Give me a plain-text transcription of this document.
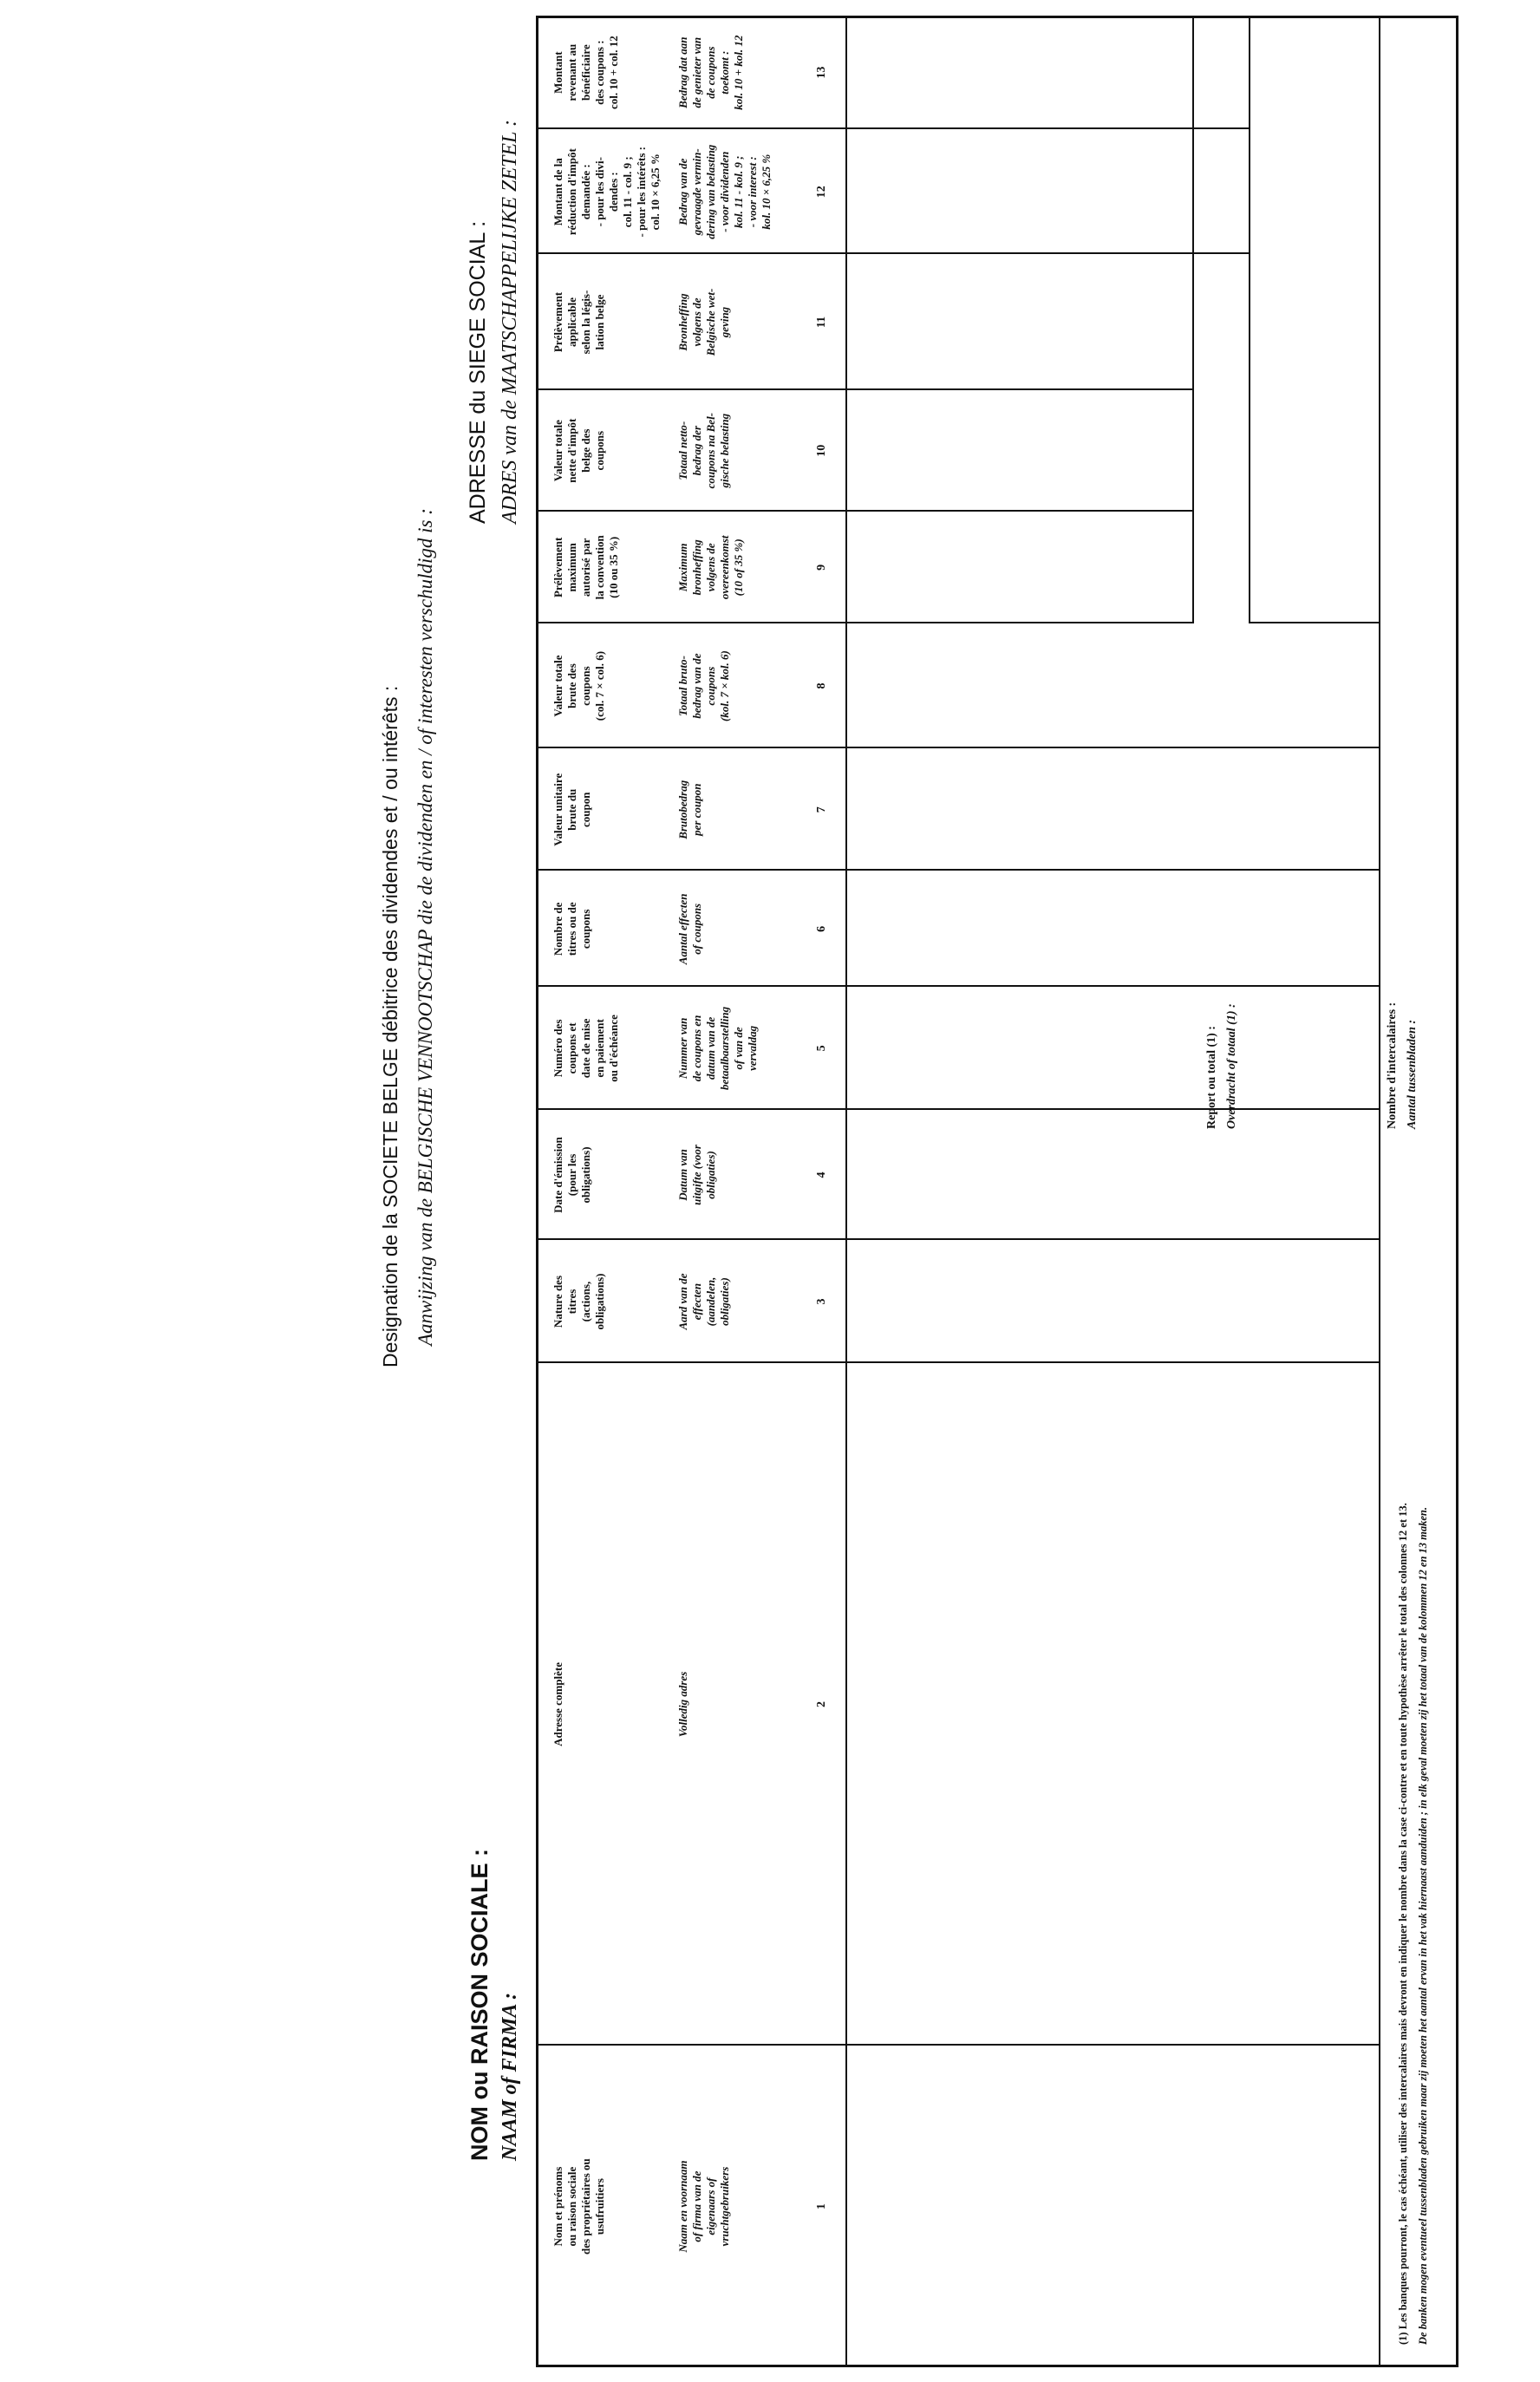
Designation de la SOCIETE BELGE débitrice des dividendes et / ou intérêts : Aanwijzing van de BELGISCHE VENNOOTSCHAP die de dividenden en / of interesten verschuldigd is :
NOM ou RAISON SOCIALE : NAAM of FIRMA :
ADRESSE du SIEGE SOCIAL : ADRES van de MAATSCHAPPELIJKE ZETEL :
Nom et prénoms ou raison sociale des propriétaires ou usufruitiers	Naam en voornaam of firma van de eigenaars of vruchtgebruikers	1
Adresse complète	Volledig adres	2
Nature des titres (actions, obligations)	Aard van de effecten (aandelen, obligaties)	3
Date d'émission (pour les obligations)	Datum van uitgifte (voor obligaties)	4
Numéro des coupons et date de mise en paiement ou d'échéance	Nummer van de coupons en datum van de betaalbaarstelling of van de vervaldag	5
Nombre de titres ou de coupons	Aantal effecten of coupons	6
Valeur unitaire brute du coupon	Brutobedrag per coupon	7
Valeur totale brute des coupons (col. 7 × col. 6)	Totaal bruto- bedrag van de coupons (kol. 7 × kol. 6)	8
Prélèvement maximum autorisé par la convention (10 ou 35 %)	Maximum bronheffing volgens de overeenkomst (10 of 35 %)	9
Valeur totale nette d'impôt belge des coupons	Totaal netto- bedrag der coupons na Bel- gische belasting	10
Prélèvement applicable selon la légis- lation belge	Bronheffing volgens de Belgische wet- geving	11
Montant de la réduction d'impôt demandée : - pour les divi- dendes : col. 11 - col. 9 ; - pour les intérêts : col. 10 × 6,25 % Bedrag van de gevraagde vermin- dering van belasting - voor dividenden kol. 11 - kol. 9 ; - voor interest : kol. 10 × 6,25 %	12
Montant revenant au bénéficiaire des coupons : col. 10 + col. 12	Bedrag dat aan de genieter van de coupons toekomt : kol. 10 + kol. 12	13
Report ou total (1) : Overdracht of totaal (1) :	Nombre d'intercalaires : Aantal tussenbladen :
(1) Les banques pourront, le cas échéant, utiliser des intercalaires mais devront en indiquer le nombre dans la case ci-contre et en toute hypothèse arrêter le total des colonnes 12 et 13. De banken mogen eventueel tussenbladen gebruiken maar zij moeten het aantal ervan in het vak hiernaast aanduiden ; in elk geval moeten zij het totaal van de kolommen 12 en 13 maken.
